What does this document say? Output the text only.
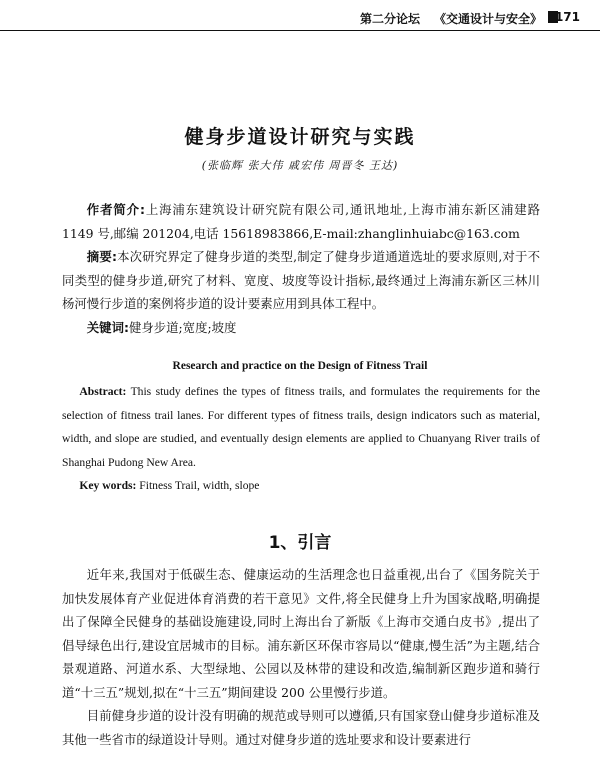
第二分论坛 《交通设计与安全》 171
健身步道设计研究与实践
(张临辉 张大伟 戚宏伟 周晋冬 王达)

作者简介:上海浦东建筑设计研究院有限公司,通讯地址,上海市浦东新区浦建路 1149 号,邮编 201204,电话 15618983866,E-mail:zhanglinhuiabc@163.com

摘要:本次研究界定了健身步道的类型,制定了健身步道通道选址的要求原则,对于不同类型的健身步道,研究了材料、宽度、坡度等设计指标,最终通过上海浦东新区三林川杨河慢行步道的案例将步道的设计要素应用到具体工程中。

关键词:健身步道;宽度;坡度

Research and practice on the Design of Fitness Trail

Abstract: This study defines the types of fitness trails, and formulates the requirements for the selection of fitness trail lanes. For different types of fitness trails, design indicators such as material, width, and slope are studied, and eventually design elements are applied to Chuanyang River trails of Shanghai Pudong New Area.

Key words: Fitness Trail, width, slope

1、引言

近年来,我国对于低碳生态、健康运动的生活理念也日益重视,出台了《国务院关于加快发展体育产业促进体育消费的若干意见》文件,将全民健身上升为国家战略,明确提出了保障全民健身的基础设施建设,同时上海出台了新版《上海市交通白皮书》,提出了倡导绿色出行,建设宜居城市的目标。浦东新区环保市容局以“健康,慢生活”为主题,结合景观道路、河道水系、大型绿地、公园以及林带的建设和改造,编制新区跑步道和骑行道“十三五”规划,拟在“十三五”期间建设 200 公里慢行步道。

目前健身步道的设计没有明确的规范或导则可以遵循,只有国家登山健身步道标准及其他一些省市的绿道设计导则。通过对健身步道的选址要求和设计要素进行
